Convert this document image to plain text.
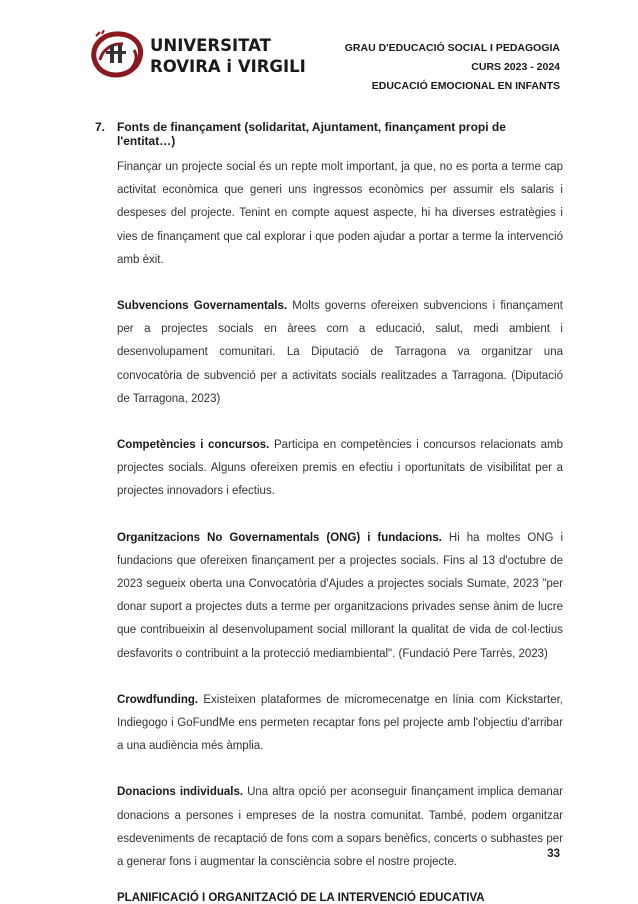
UNIVERSITAT
ROVIRA i VIRGILI
GRAU D'EDUCACIÓ SOCIAL I PEDAGOGIA
CURS 2023 - 2024
EDUCACIÓ EMOCIONAL EN INFANTS
7. Fonts de finançament (solidaritat, Ajuntament, finançament propi de l'entitat…)

Finançar un projecte social és un repte molt important, ja que, no es porta a terme cap activitat econòmica que generi uns ingressos econòmics per assumir els salaris i despeses del projecte. Tenint en compte aquest aspecte, hi ha diverses estratègies i vies de finançament que cal explorar i que poden ajudar a portar a terme la intervenció amb èxit.

Subvencions Governamentals. Molts governs ofereixen subvencions i finançament per a projectes socials en àrees com a educació, salut, medi ambient i desenvolupament comunitari. La Diputació de Tarragona va organitzar una convocatòria de subvenció per a activitats socials realitzades a Tarragona. (Diputació de Tarragona, 2023)

Competències i concursos. Participa en competències i concursos relacionats amb projectes socials. Alguns ofereixen premis en efectiu i oportunitats de visibilitat per a projectes innovadors i efectius.

Organitzacions No Governamentals (ONG) i fundacions. Hi ha moltes ONG i fundacions que ofereixen finançament per a projectes socials. Fins al 13 d'octubre de 2023 segueix oberta una Convocatòria d'Ajudes a projectes socials Sumate, 2023 "per donar suport a projectes duts a terme per organitzacions privades sense ànim de lucre que contribueixin al desenvolupament social millorant la qualitat de vida de col·lectius desfavorits o contribuint a la protecció mediambiental". (Fundació Pere Tarrès, 2023)

Crowdfunding. Existeixen plataformes de micromecenatge en línia com Kickstarter, Indiegogo i GoFundMe ens permeten recaptar fons pel projecte amb l'objectiu d'arribar a una audiència més àmplia.

Donacions individuals. Una altra opció per aconseguir finançament implica demanar donacions a persones i empreses de la nostra comunitat. També, podem organitzar esdeveniments de recaptació de fons com a sopars benèfics, concerts o subhastes per a generar fons i augmentar la consciència sobre el nostre projecte.

PLANIFICACIÓ I ORGANITZACIÓ DE LA INTERVENCIÓ EDUCATIVA
33
